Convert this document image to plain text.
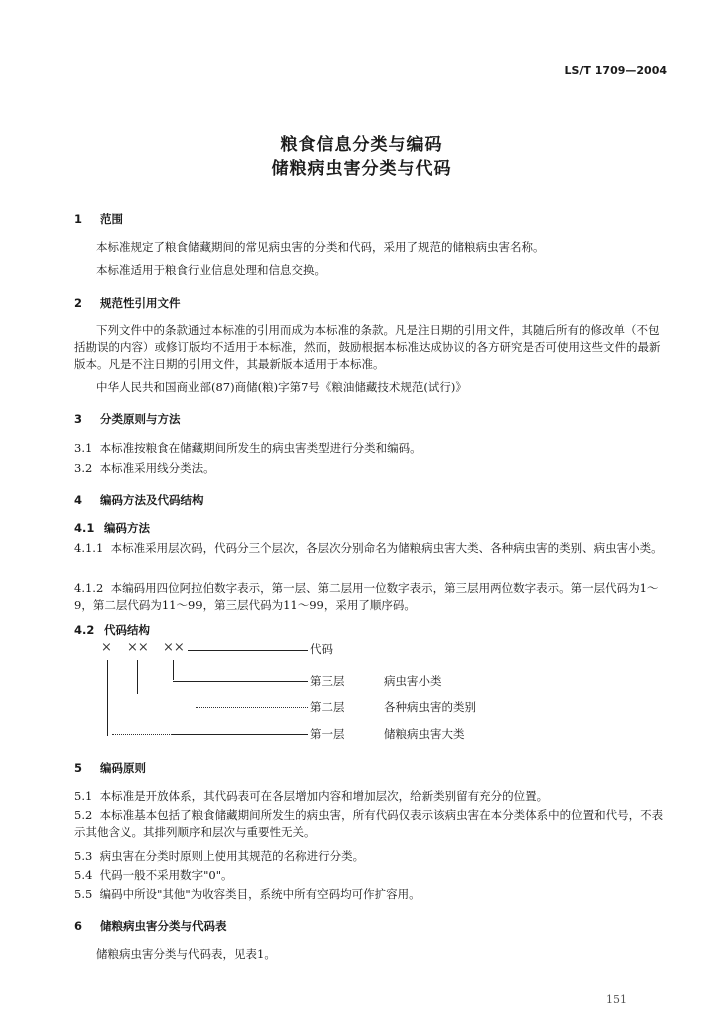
LS/T 1709—2004
粮食信息分类与编码
储粮病虫害分类与代码
1 范围
本标准规定了粮食储藏期间的常见病虫害的分类和代码，采用了规范的储粮病虫害名称。
本标准适用于粮食行业信息处理和信息交换。
2 规范性引用文件
下列文件中的条款通过本标准的引用而成为本标准的条款。凡是注日期的引用文件，其随后所有的修改单（不包括勘误的内容）或修订版均不适用于本标准，然而，鼓励根据本标准达成协议的各方研究是否可使用这些文件的最新版本。凡是不注日期的引用文件，其最新版本适用于本标准。
中华人民共和国商业部(87)商储(粮)字第7号《粮油储藏技术规范(试行)》
3 分类原则与方法
3.1 本标准按粮食在储藏期间所发生的病虫害类型进行分类和编码。
3.2 本标准采用线分类法。
4 编码方法及代码结构
4.1 编码方法
4.1.1 本标准采用层次码，代码分三个层次，各层次分别命名为储粮病虫害大类、各种病虫害的类别、病虫害小类。
4.1.2 本编码用四位阿拉伯数字表示，第一层、第二层用一位数字表示，第三层用两位数字表示。第一层代码为1～9，第二层代码为11～99，第三层代码为11～99，采用了顺序码。
4.2 代码结构
× ×× ××	代码
第三层	病虫害小类
第二层	各种病虫害的类别
第一层	储粮病虫害大类
5 编码原则
5.1 本标准是开放体系，其代码表可在各层增加内容和增加层次，给新类别留有充分的位置。
5.2 本标准基本包括了粮食储藏期间所发生的病虫害，所有代码仅表示该病虫害在本分类体系中的位置和代号，不表示其他含义。其排列顺序和层次与重要性无关。
5.3 病虫害在分类时原则上使用其规范的名称进行分类。
5.4 代码一般不采用数字"0"。
5.5 编码中所设"其他"为收容类目，系统中所有空码均可作扩容用。
6 储粮病虫害分类与代码表
储粮病虫害分类与代码表，见表1。
151
